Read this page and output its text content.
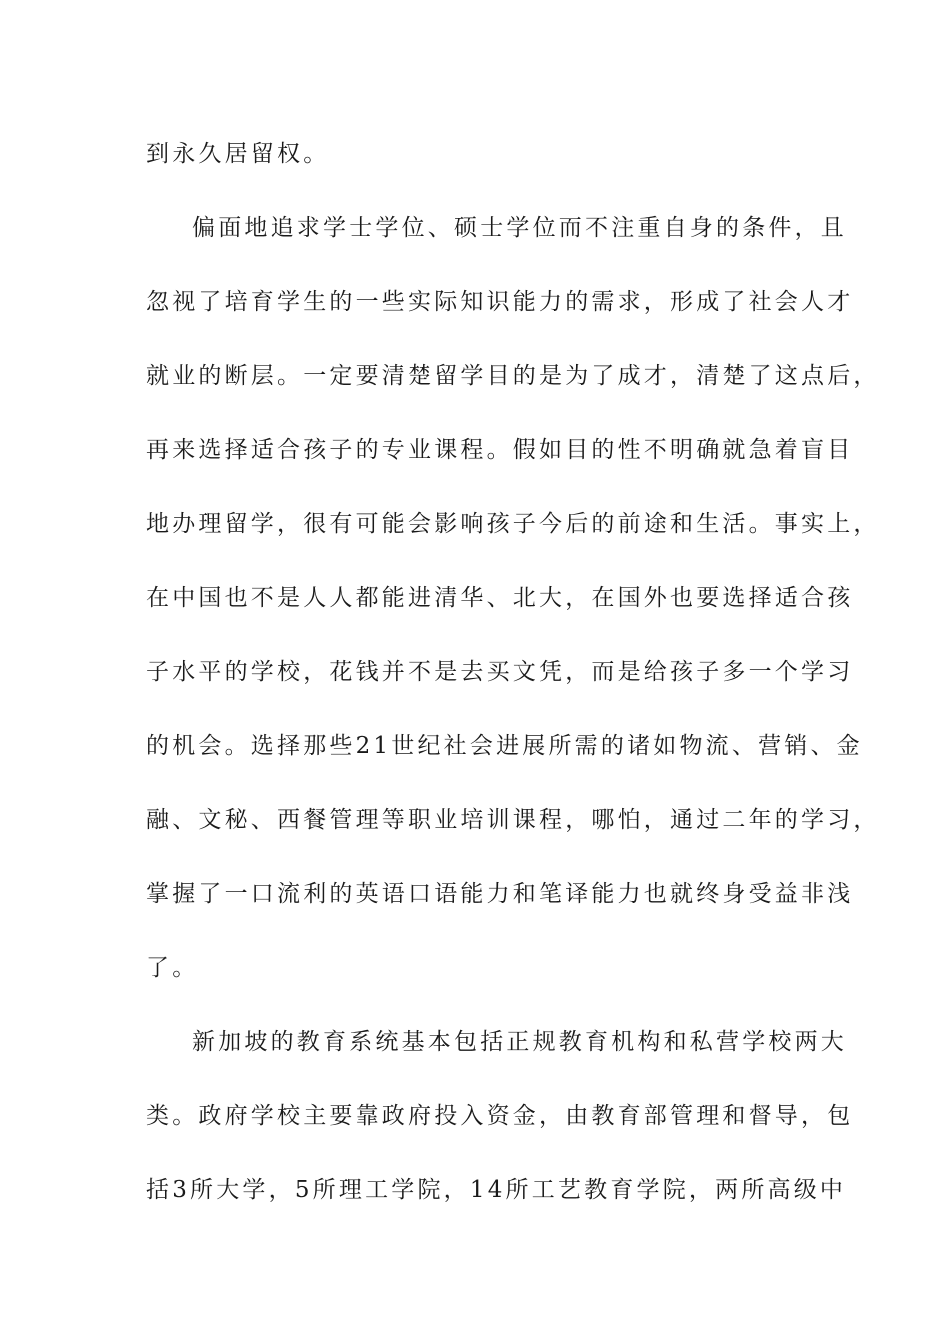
到永久居留权。
偏面地追求学士学位、硕士学位而不注重自身的条件，且
忽视了培育学生的一些实际知识能力的需求，形成了社会人才
就业的断层。一定要清楚留学目的是为了成才，清楚了这点后，
再来选择适合孩子的专业课程。假如目的性不明确就急着盲目
地办理留学，很有可能会影响孩子今后的前途和生活。事实上，
在中国也不是人人都能进清华、北大，在国外也要选择适合孩
子水平的学校，花钱并不是去买文凭，而是给孩子多一个学习
的机会。选择那些21世纪社会进展所需的诸如物流、营销、金
融、文秘、西餐管理等职业培训课程，哪怕，通过二年的学习，
掌握了一口流利的英语口语能力和笔译能力也就终身受益非浅
了。
新加坡的教育系统基本包括正规教育机构和私营学校两大
类。政府学校主要靠政府投入资金，由教育部管理和督导，包
括3所大学，5所理工学院，14所工艺教育学院，两所高级中
